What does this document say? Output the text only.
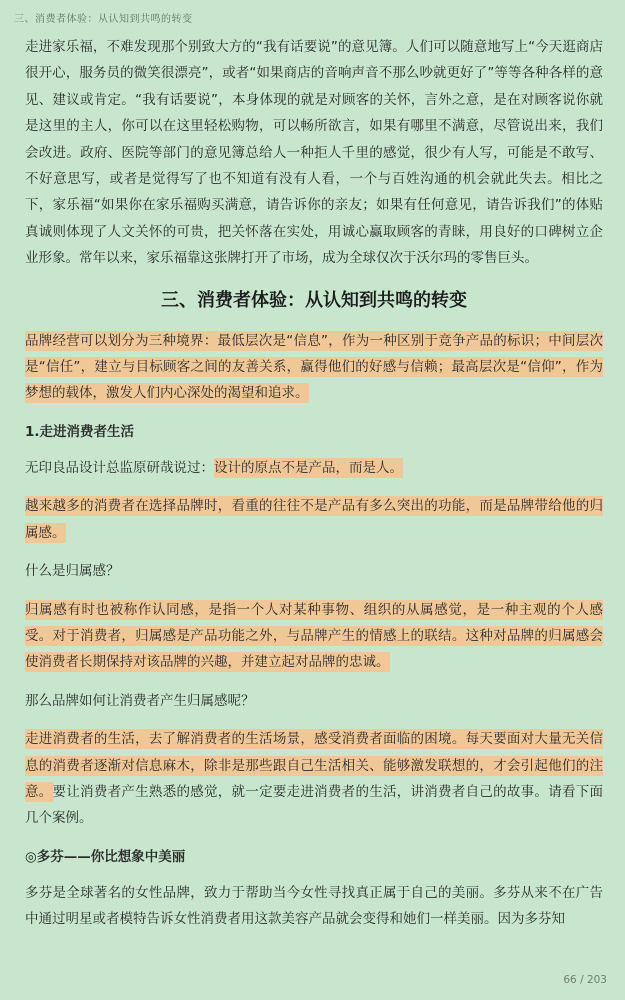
三、消费者体验：从认知到共鸣的转变

走进家乐福，不难发现那个别致大方的“我有话要说”的意见簿。人们可以随意地写上“今天逛商店很开心，服务员的微笑很漂亮”，或者“如果商店的音响声音不那么吵就更好了”等等各种各样的意见、建议或肯定。“我有话要说”，本身体现的就是对顾客的关怀，言外之意，是在对顾客说你就是这里的主人，你可以在这里轻松购物，可以畅所欲言，如果有哪里不满意，尽管说出来，我们会改进。政府、医院等部门的意见簿总给人一种拒人千里的感觉，很少有人写，可能是不敢写、不好意思写，或者是觉得写了也不知道有没有人看，一个与百姓沟通的机会就此失去。相比之下，家乐福“如果你在家乐福购买满意，请告诉你的亲友；如果有任何意见，请告诉我们”的体贴真诚则体现了人文关怀的可贵，把关怀落在实处，用诚心赢取顾客的青睐，用良好的口碑树立企业形象。常年以来，家乐福靠这张牌打开了市场，成为全球仅次于沃尔玛的零售巨头。

三、消费者体验：从认知到共鸣的转变

品牌经营可以划分为三种境界：最低层次是“信息”，作为一种区别于竞争产品的标识；中间层次是“信任”，建立与目标顾客之间的友善关系，赢得他们的好感与信赖；最高层次是“信仰”，作为梦想的载体，激发人们内心深处的渴望和追求。

1.走进消费者生活

无印良品设计总监原研哉说过：设计的原点不是产品，而是人。

越来越多的消费者在选择品牌时，看重的往往不是产品有多么突出的功能，而是品牌带给他的归属感。

什么是归属感？

归属感有时也被称作认同感，是指一个人对某种事物、组织的从属感觉，是一种主观的个人感受。对于消费者，归属感是产品功能之外，与品牌产生的情感上的联结。这种对品牌的归属感会使消费者长期保持对该品牌的兴趣，并建立起对品牌的忠诚。

那么品牌如何让消费者产生归属感呢？

走进消费者的生活，去了解消费者的生活场景，感受消费者面临的困境。每天要面对大量无关信息的消费者逐渐对信息麻木，除非是那些跟自己生活相关、能够激发联想的，才会引起他们的注意。要让消费者产生熟悉的感觉，就一定要走进消费者的生活，讲消费者自己的故事。请看下面几个案例。

◎多芬——你比想象中美丽

多芬是全球著名的女性品牌，致力于帮助当今女性寻找真正属于自己的美丽。多芬从来不在广告中通过明星或者模特告诉女性消费者用这款美容产品就会变得和她们一样美丽。因为多芬知

66 / 203
